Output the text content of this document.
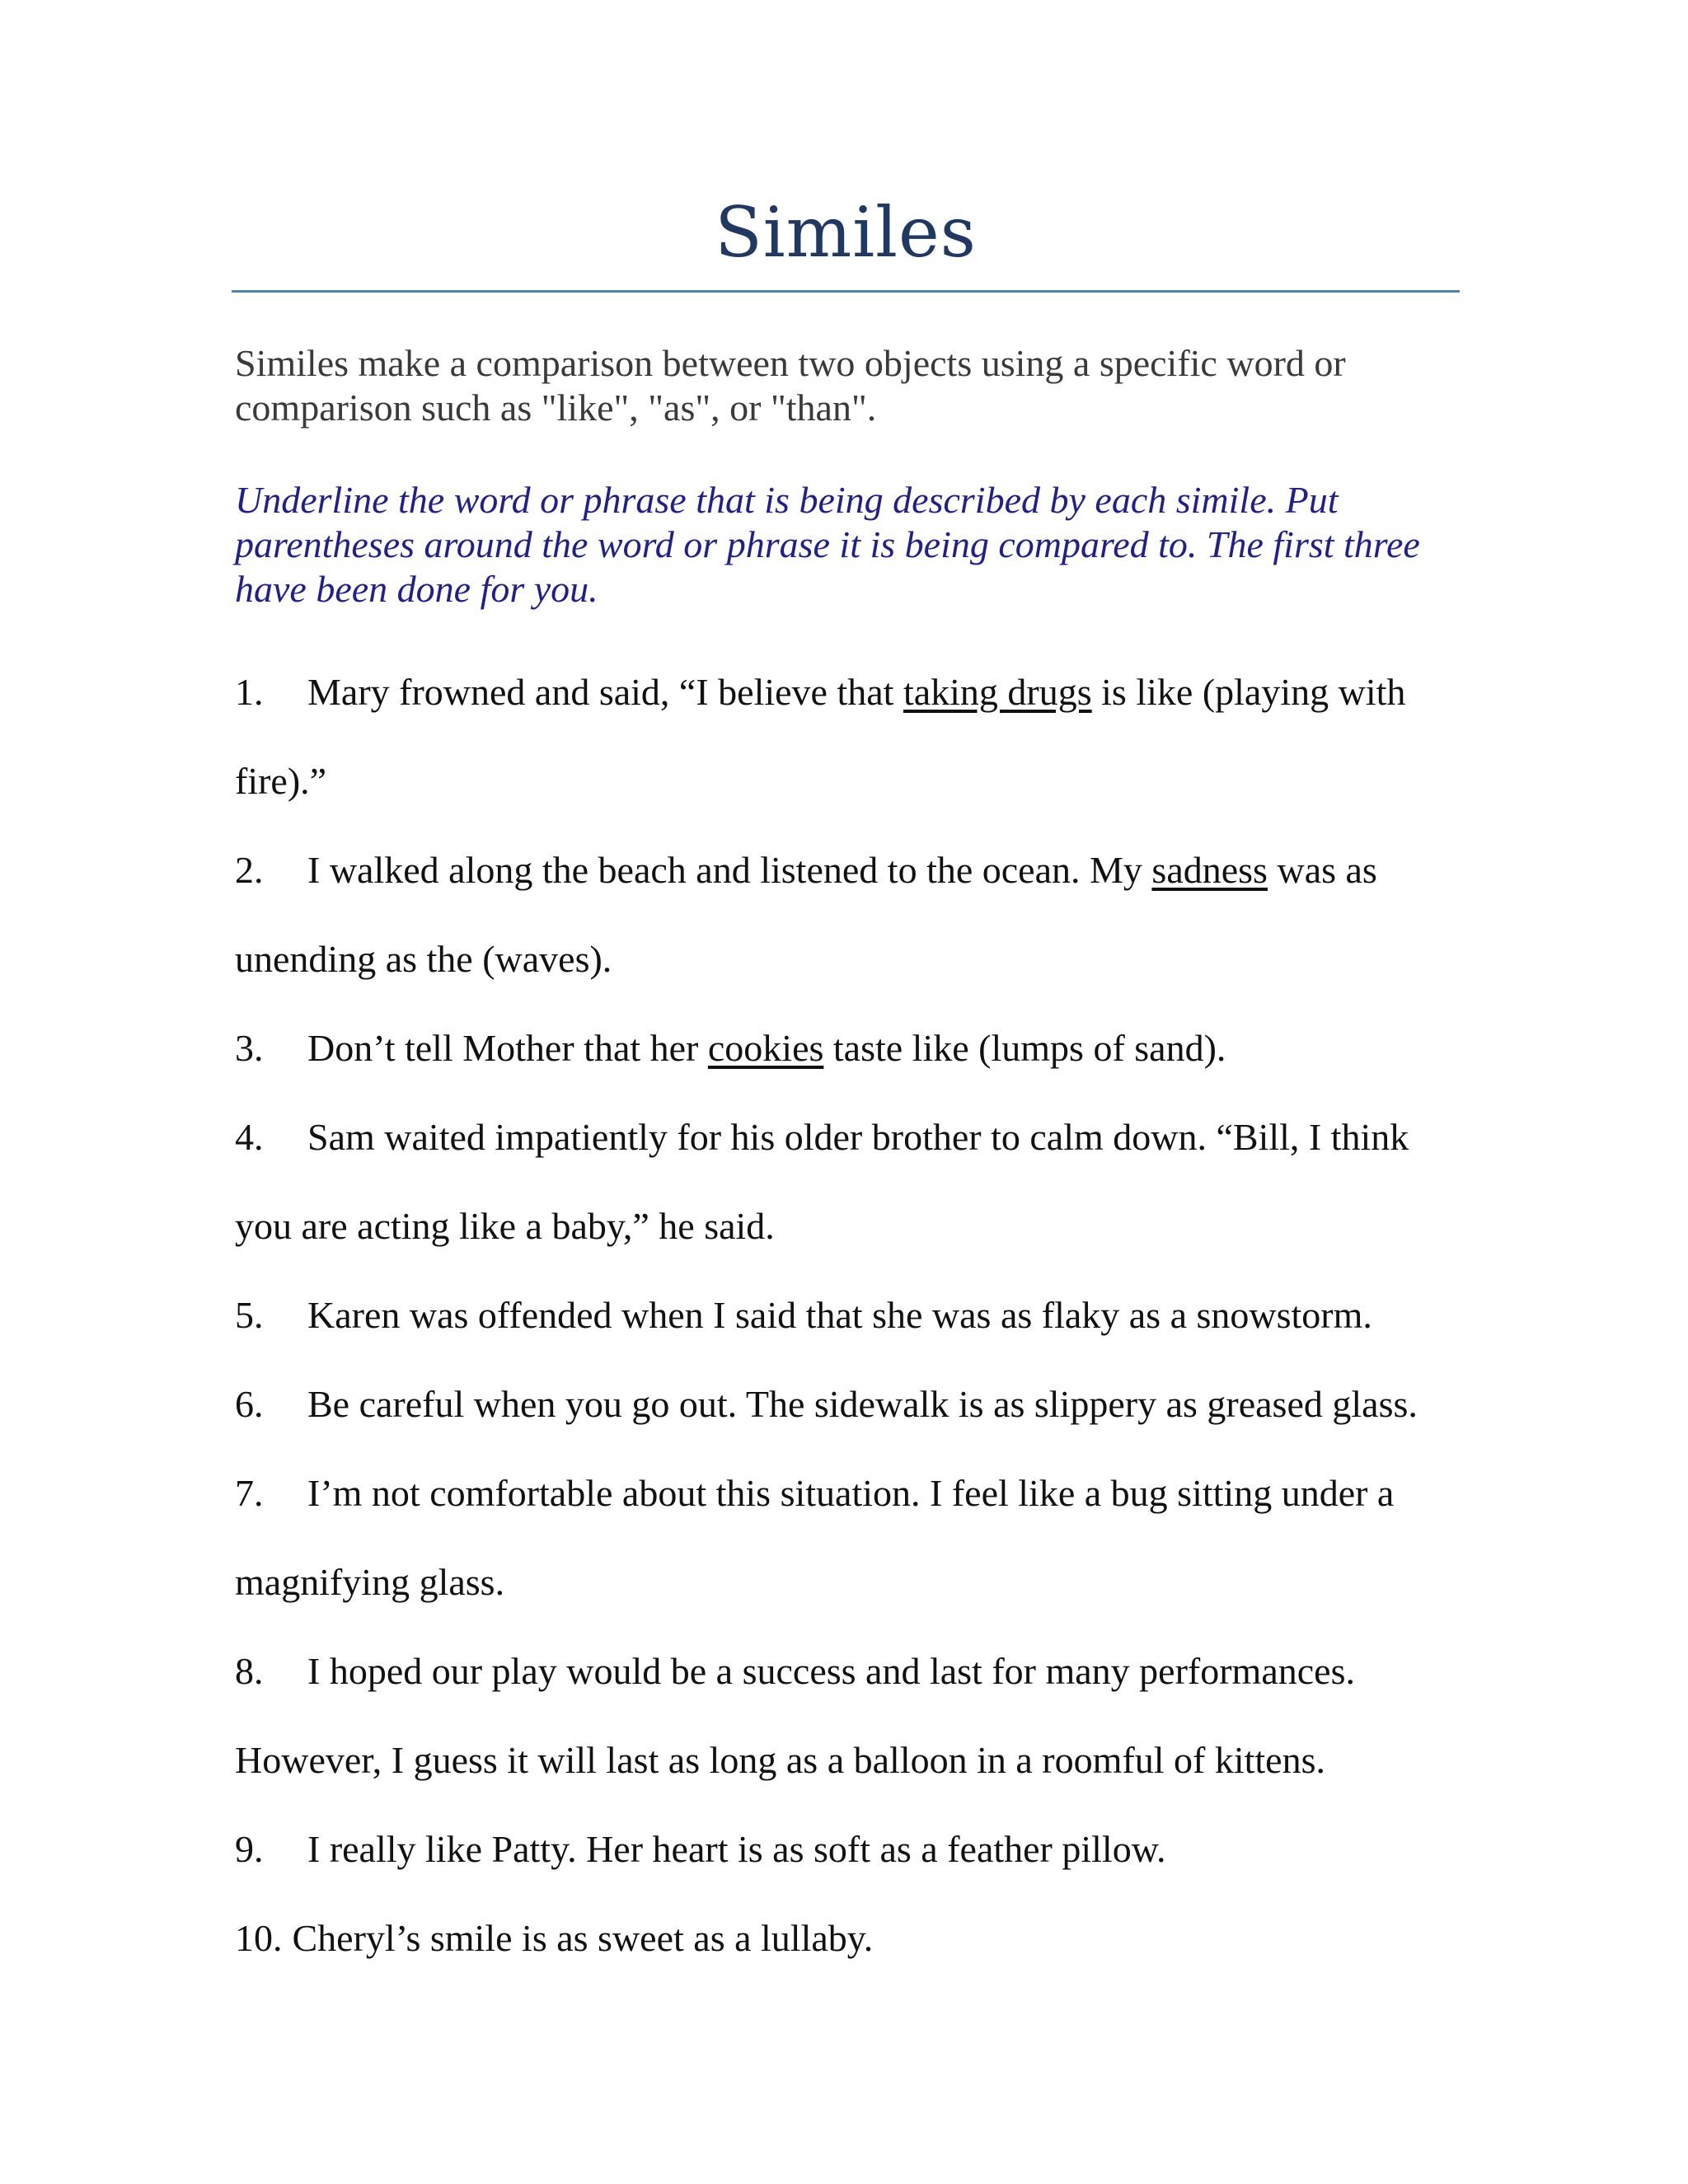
Similes

Similes make a comparison between two objects using a specific word or comparison such as "like", "as", or "than".

Underline the word or phrase that is being described by each simile. Put parentheses around the word or phrase it is being compared to. The first three have been done for you.

1. Mary frowned and said, “I believe that taking drugs is like (playing with fire).”
2. I walked along the beach and listened to the ocean. My sadness was as unending as the (waves).
3. Don’t tell Mother that her cookies taste like (lumps of sand).
4. Sam waited impatiently for his older brother to calm down. “Bill, I think you are acting like a baby,” he said.
5. Karen was offended when I said that she was as flaky as a snowstorm.
6. Be careful when you go out. The sidewalk is as slippery as greased glass.
7. I’m not comfortable about this situation. I feel like a bug sitting under a magnifying glass.
8. I hoped our play would be a success and last for many performances. However, I guess it will last as long as a balloon in a roomful of kittens.
9. I really like Patty. Her heart is as soft as a feather pillow.
10. Cheryl’s smile is as sweet as a lullaby.
